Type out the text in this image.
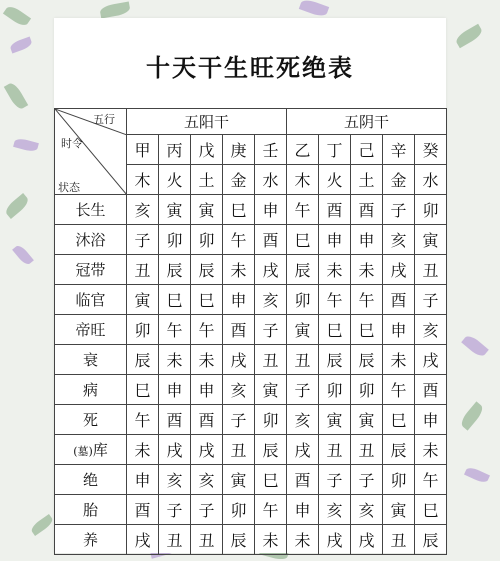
十天干生旺死绝表
五行
时令
状态	五阳干					五阴干				
	甲	丙	戊	庚	壬	乙	丁	己	辛	癸
	木	火	土	金	水	木	火	土	金	水
长生	亥	寅	寅	巳	申	午	酉	酉	子	卯
沐浴	子	卯	卯	午	酉	巳	申	申	亥	寅
冠带	丑	辰	辰	未	戌	辰	未	未	戌	丑
临官	寅	巳	巳	申	亥	卯	午	午	酉	子
帝旺	卯	午	午	酉	子	寅	巳	巳	申	亥
衰	辰	未	未	戌	丑	丑	辰	辰	未	戌
病	巳	申	申	亥	寅	子	卯	卯	午	酉
死	午	酉	酉	子	卯	亥	寅	寅	巳	申
(墓)库	未	戌	戌	丑	辰	戌	丑	丑	辰	未
绝	申	亥	亥	寅	巳	酉	子	子	卯	午
胎	酉	子	子	卯	午	申	亥	亥	寅	巳
养	戌	丑	丑	辰	未	未	戌	戌	丑	辰
